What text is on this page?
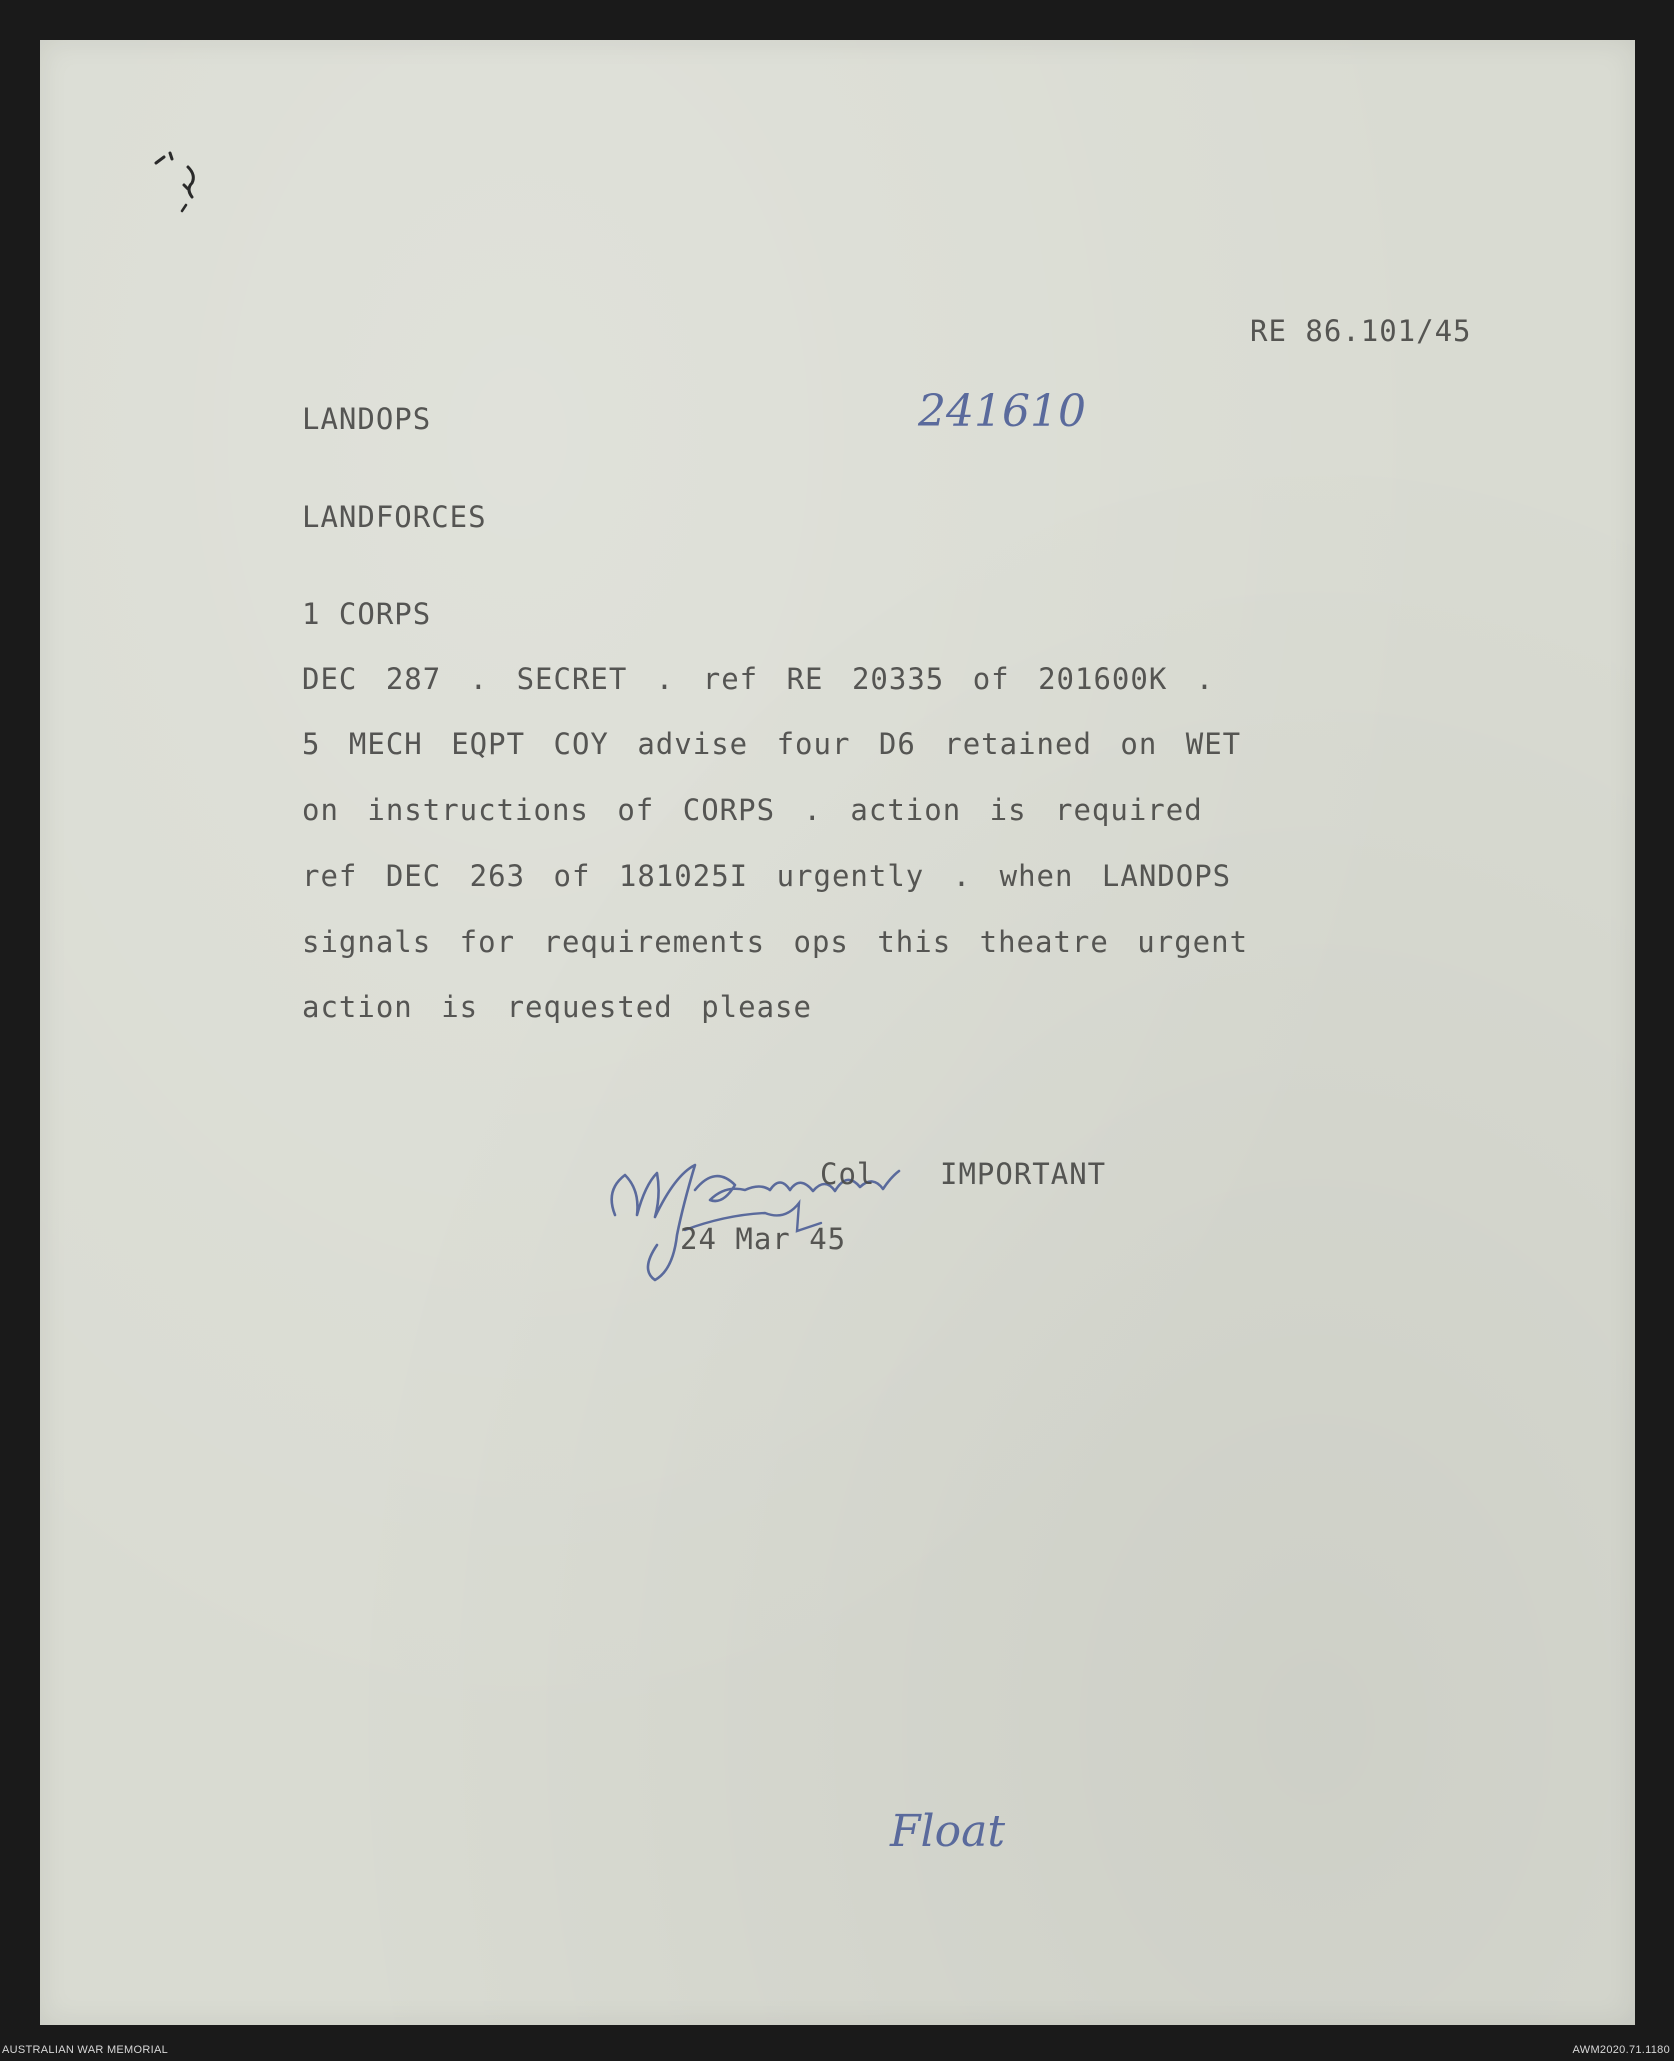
RE 86.101/45
LANDOPS	241610
LANDFORCES
1 CORPS
DEC 287 . SECRET . ref RE 20335 of 201600K .
5 MECH EQPT COY advise four D6 retained on WET
on instructions of CORPS . action is required
ref DEC 263 of 181025I urgently . when LANDOPS
signals for requirements ops this theatre urgent
action is requested please
Col IMPORTANT
24 Mar 45
Float
AUSTRALIAN WAR MEMORIAL	AWM2020.71.1180
